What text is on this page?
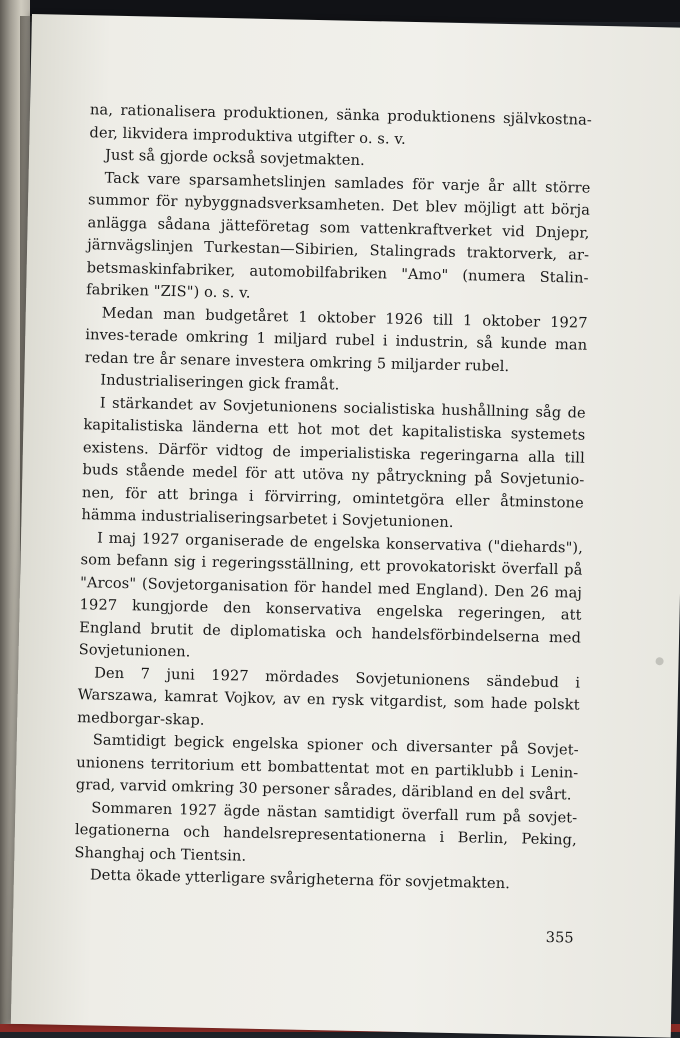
na, rationalisera produktionen, sänka produktionens självkostna-der, likvidera improduktiva utgifter o. s. v.

Just så gjorde också sovjetmakten.

Tack vare sparsamhetslinjen samlades för varje år allt större summor för nybyggnadsverksamheten. Det blev möjligt att börja anlägga sådana jätteföretag som vattenkraftverket vid Dnjepr, järnvägslinjen Turkestan—Sibirien, Stalingrads traktorverk, ar-betsmaskinfabriker, automobilfabriken "Amo" (numera Stalin-fabriken "ZIS") o. s. v.

Medan man budgetåret 1 oktober 1926 till 1 oktober 1927 inves-terade omkring 1 miljard rubel i industrin, så kunde man redan tre år senare investera omkring 5 miljarder rubel.

Industrialiseringen gick framåt.

I stärkandet av Sovjetunionens socialistiska hushållning såg de kapitalistiska länderna ett hot mot det kapitalistiska systemets existens. Därför vidtog de imperialistiska regeringarna alla till buds stående medel för att utöva ny påtryckning på Sovjetunio-nen, för att bringa i förvirring, omintetgöra eller åtminstone hämma industrialiseringsarbetet i Sovjetunionen.

I maj 1927 organiserade de engelska konservativa ("diehards"), som befann sig i regeringsställning, ett provokatoriskt överfall på "Arcos" (Sovjetorganisation för handel med England). Den 26 maj 1927 kungjorde den konservativa engelska regeringen, att England brutit de diplomatiska och handelsförbindelserna med Sovjetunionen.

Den 7 juni 1927 mördades Sovjetunionens sändebud i Warszawa, kamrat Vojkov, av en rysk vitgardist, som hade polskt medborgar-skap.

Samtidigt begick engelska spioner och diversanter på Sovjet-unionens territorium ett bombattentat mot en partiklubb i Lenin-grad, varvid omkring 30 personer sårades, däribland en del svårt.

Sommaren 1927 ägde nästan samtidigt överfall rum på sovjet-legationerna och handelsrepresentationerna i Berlin, Peking, Shanghaj och Tientsin.

Detta ökade ytterligare svårigheterna för sovjetmakten.

355
